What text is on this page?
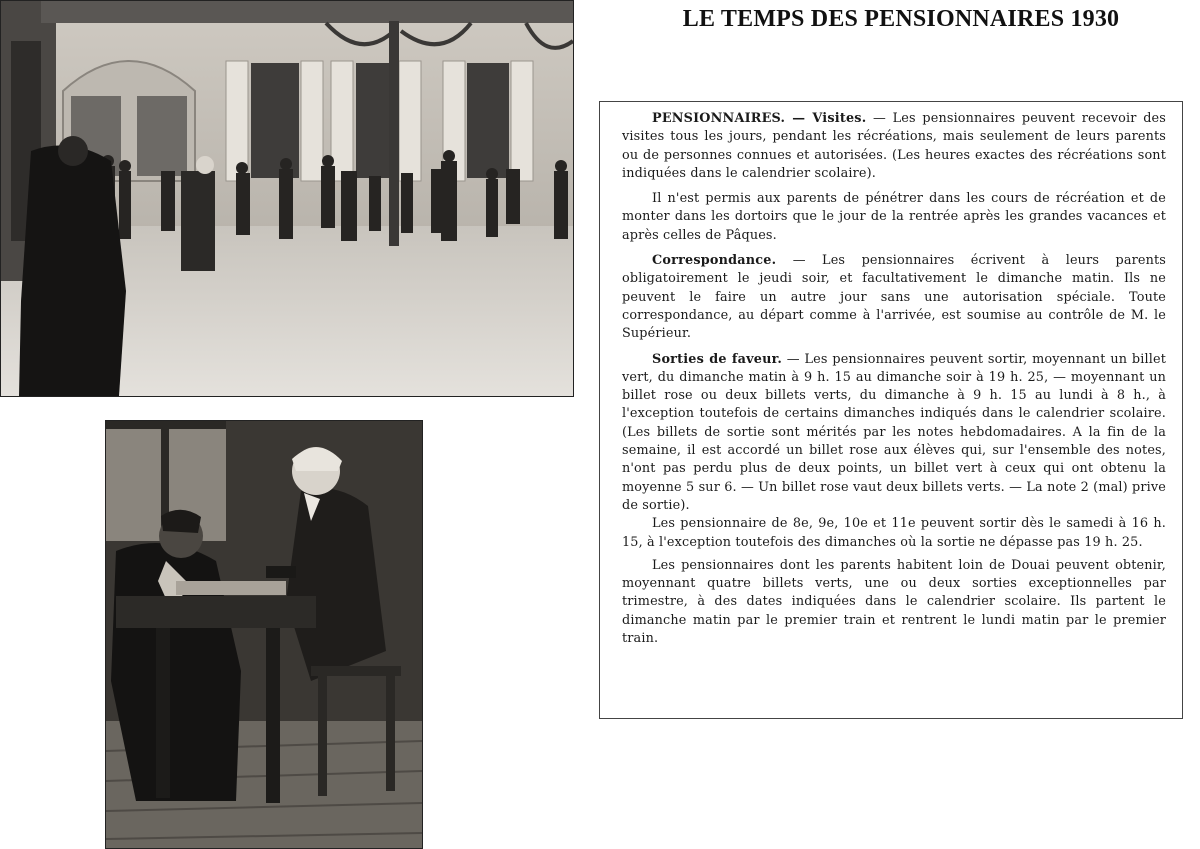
LE TEMPS DES PENSIONNAIRES 1930

PENSIONNAIRES. — Visites. — Les pensionnaires peuvent recevoir des visites tous les jours, pendant les récréations, mais seulement de leurs parents ou de personnes connues et autorisées. (Les heures exactes des récréations sont indiquées dans le calendrier scolaire).

Il n'est permis aux parents de pénétrer dans les cours de récréation et de monter dans les dortoirs que le jour de la rentrée après les grandes vacances et après celles de Pâques.

Correspondance. — Les pensionnaires écrivent à leurs parents obligatoirement le jeudi soir, et facultativement le dimanche matin. Ils ne peuvent le faire un autre jour sans une autorisation spéciale. Toute correspondance, au départ comme à l'arrivée, est soumise au contrôle de M. le Supérieur.

Sorties de faveur. — Les pensionnaires peuvent sortir, moyennant un billet vert, du dimanche matin à 9 h. 15 au dimanche soir à 19 h. 25, — moyennant un billet rose ou deux billets verts, du dimanche à 9 h. 15 au lundi à 8 h., à l'exception toutefois de certains dimanches indiqués dans le calendrier scolaire. (Les billets de sortie sont mérités par les notes hebdomadaires. A la fin de la semaine, il est accordé un billet rose aux élèves qui, sur l'ensemble des notes, n'ont pas perdu plus de deux points, un billet vert à ceux qui ont obtenu la moyenne 5 sur 6. — Un billet rose vaut deux billets verts. — La note 2 (mal) prive de sortie).

Les pensionnaire de 8e, 9e, 10e et 11e peuvent sortir dès le samedi à 16 h. 15, à l'exception toutefois des dimanches où la sortie ne dépasse pas 19 h. 25.

Les pensionnaires dont les parents habitent loin de Douai peuvent obtenir, moyennant quatre billets verts, une ou deux sorties exceptionnelles par trimestre, à des dates indiquées dans le calendrier scolaire. Ils partent le dimanche matin par le premier train et rentrent le lundi matin par le premier train.
